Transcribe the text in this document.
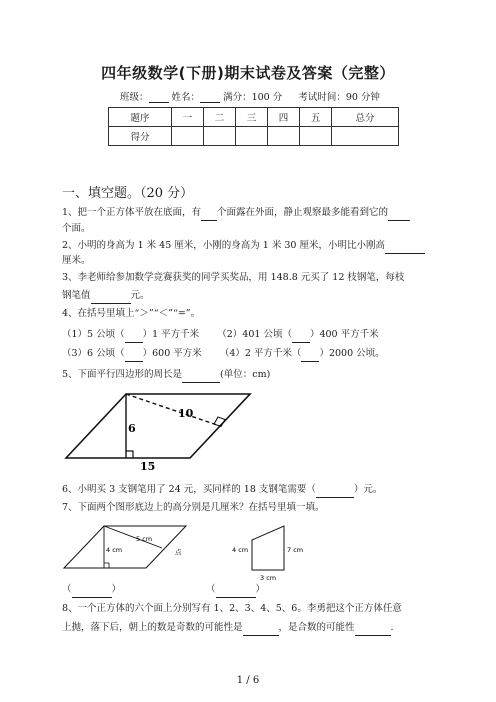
四年级数学(下册)期末试卷及答案（完整）
班级： 姓名： 满分：100 分 考试时间：90 分钟
题序	一	二	三	四	五	总分
得分						
一、填空题。（20 分）
1、把一个正方体平放在底面，有 个面露在外面，静止观察最多能看到它的
个面。
2、小明的身高为 1 米 45 厘米，小刚的身高为 1 米 30 厘米，小明比小刚高
厘米。
3、李老师给参加数学竞赛获奖的同学买奖品，用 148.8 元买了 12 枝钢笔，每枝
钢笔值	元。
4、在括号里填上“＞”“＜”“=”。
（1）5 公顷（ ）1 平方千米 （2）401 公顷（ ）400 平方千米
（3）6 公顷（ ）600 平方米 （4）2 平方千米（ ）2000 公顷。
5、下面平行四边形的周长是	(单位：cm)
10
6
15
6、小明买 3 支钢笔用了 24 元，买同样的 18 支钢笔需要（	）元。
7、下面两个图形底边上的高分别是几厘米？在括号里填一填。
4 cm
5 cm
点	4 cm	7 cm
3 cm
（	）	（	）
8、一个正方体的六个面上分别写有 1、2、3、4、5、6。李勇把这个正方体任意
上抛，落下后，朝上的数是奇数的可能性是	，是合数的可能性	.
1 / 6
